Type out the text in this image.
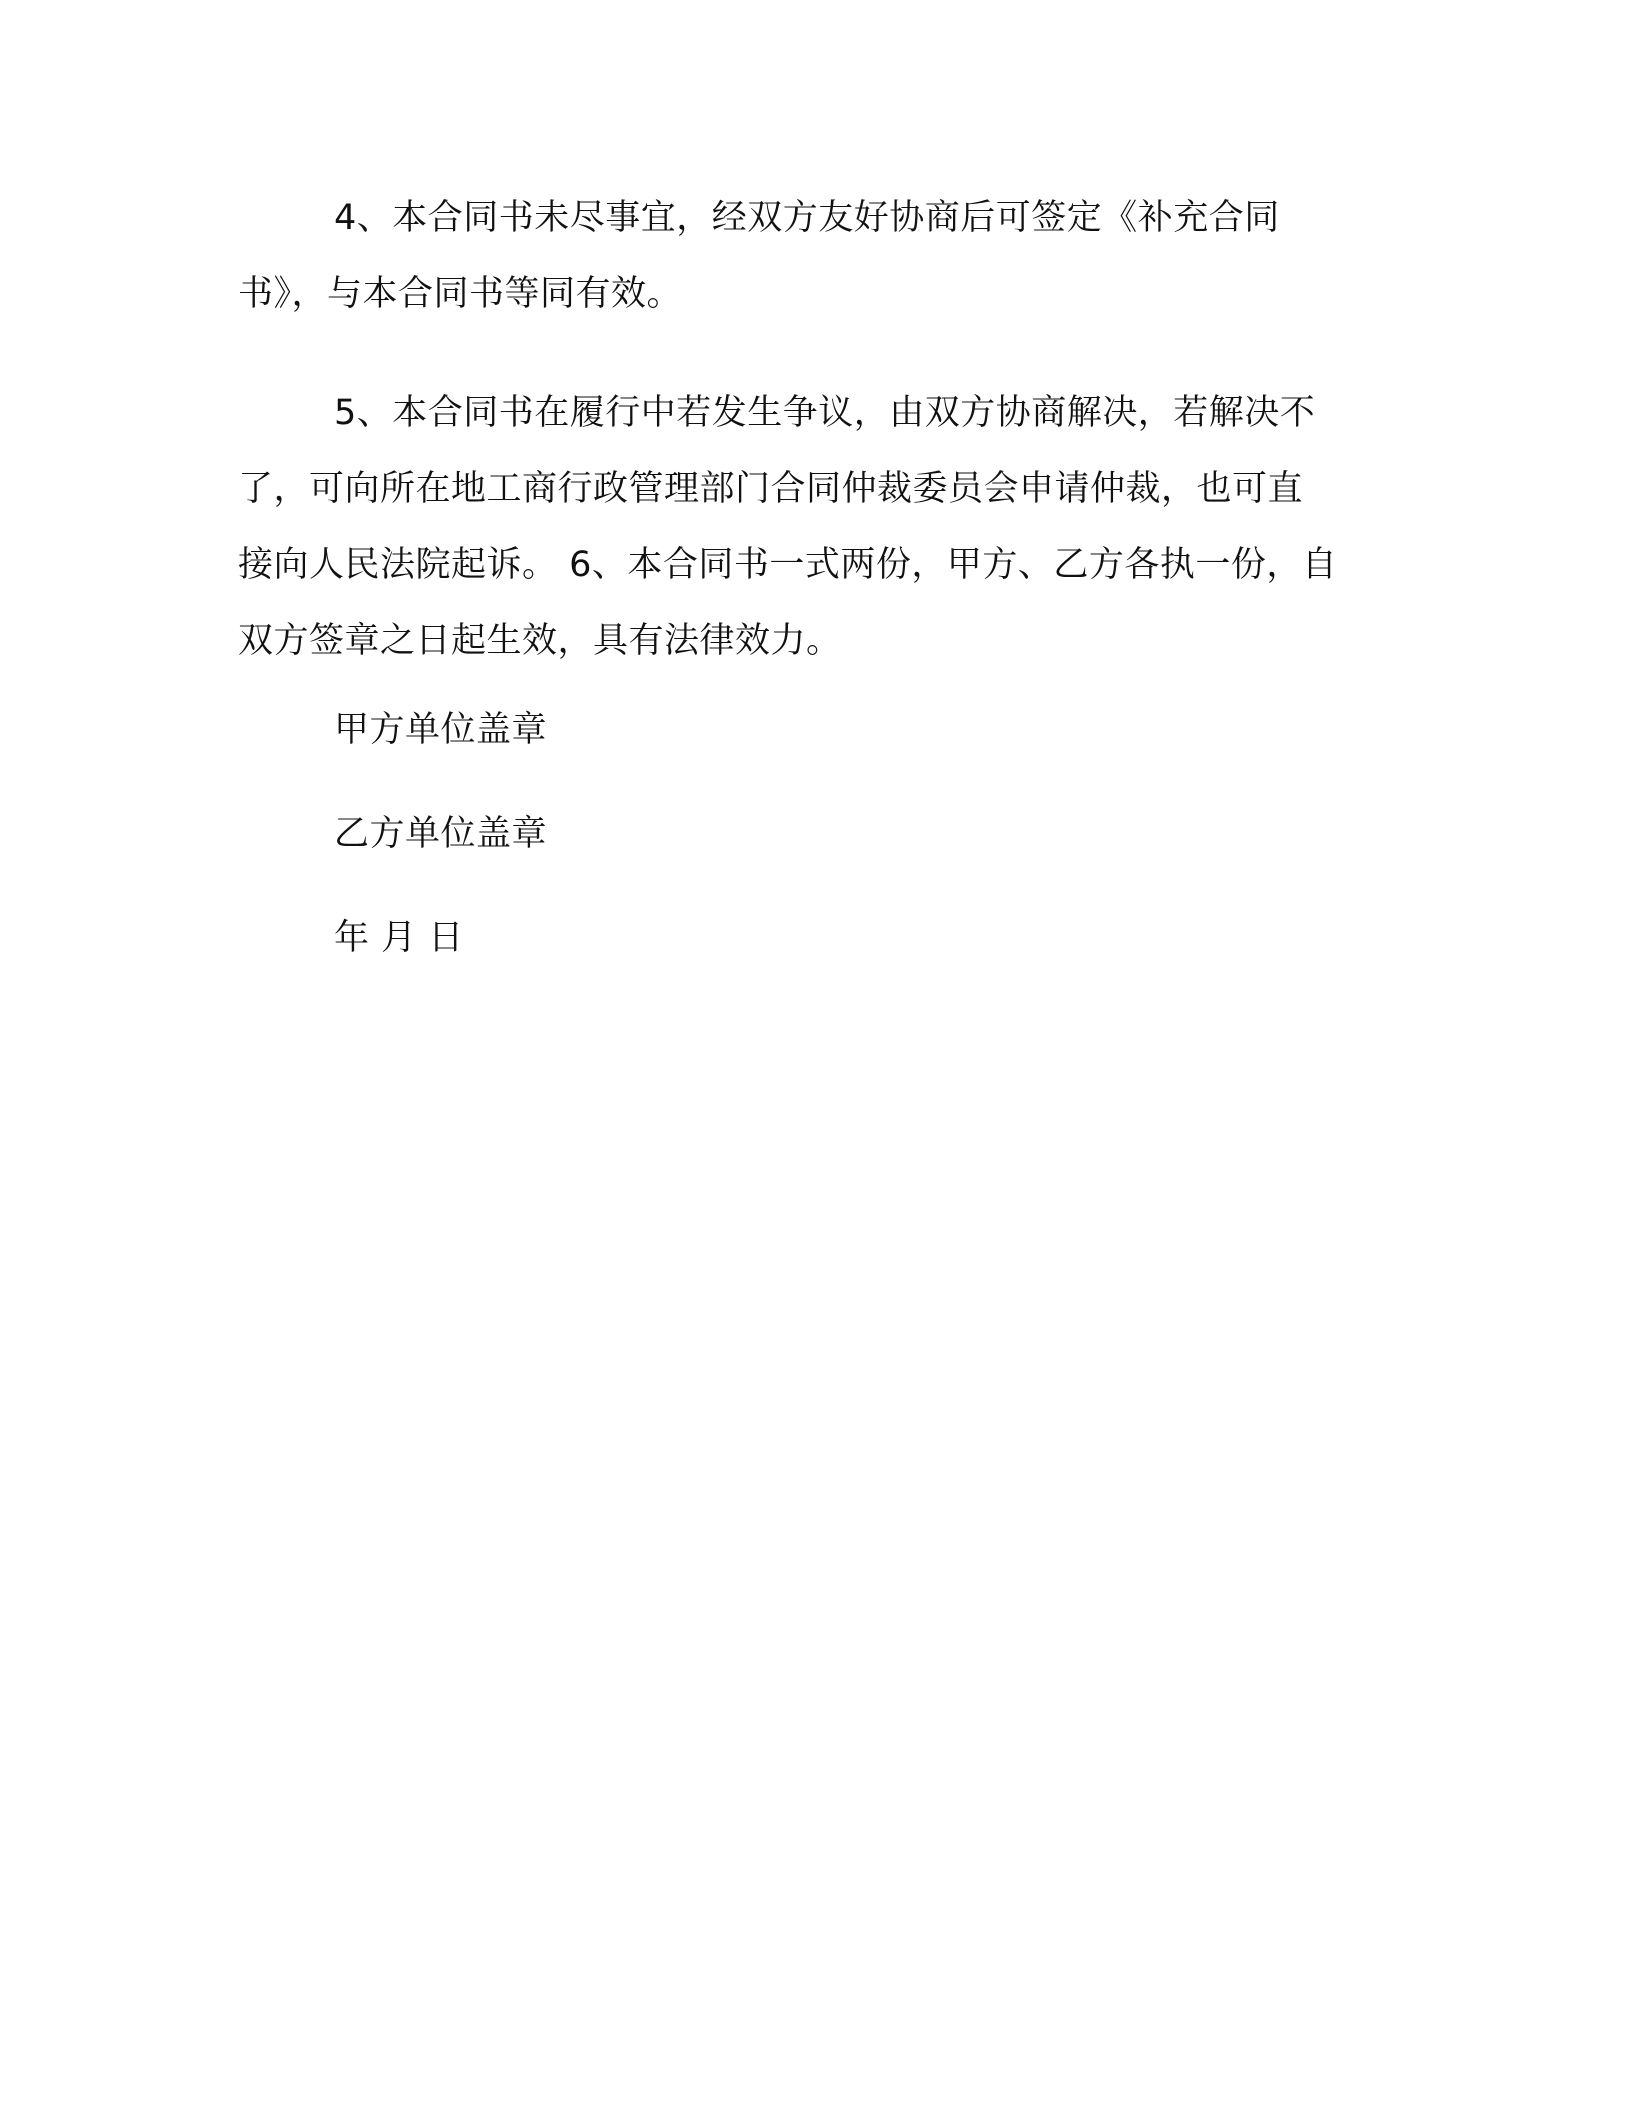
4、本合同书未尽事宜，经双方友好协商后可签定《补充合同
书》，与本合同书等同有效。
5、本合同书在履行中若发生争议，由双方协商解决，若解决不
了，可向所在地工商行政管理部门合同仲裁委员会申请仲裁，也可直
接向人民法院起诉。 6、本合同书一式两份，甲方、乙方各执一份，自
双方签章之日起生效，具有法律效力。
甲方单位盖章
乙方单位盖章
年 月 日
